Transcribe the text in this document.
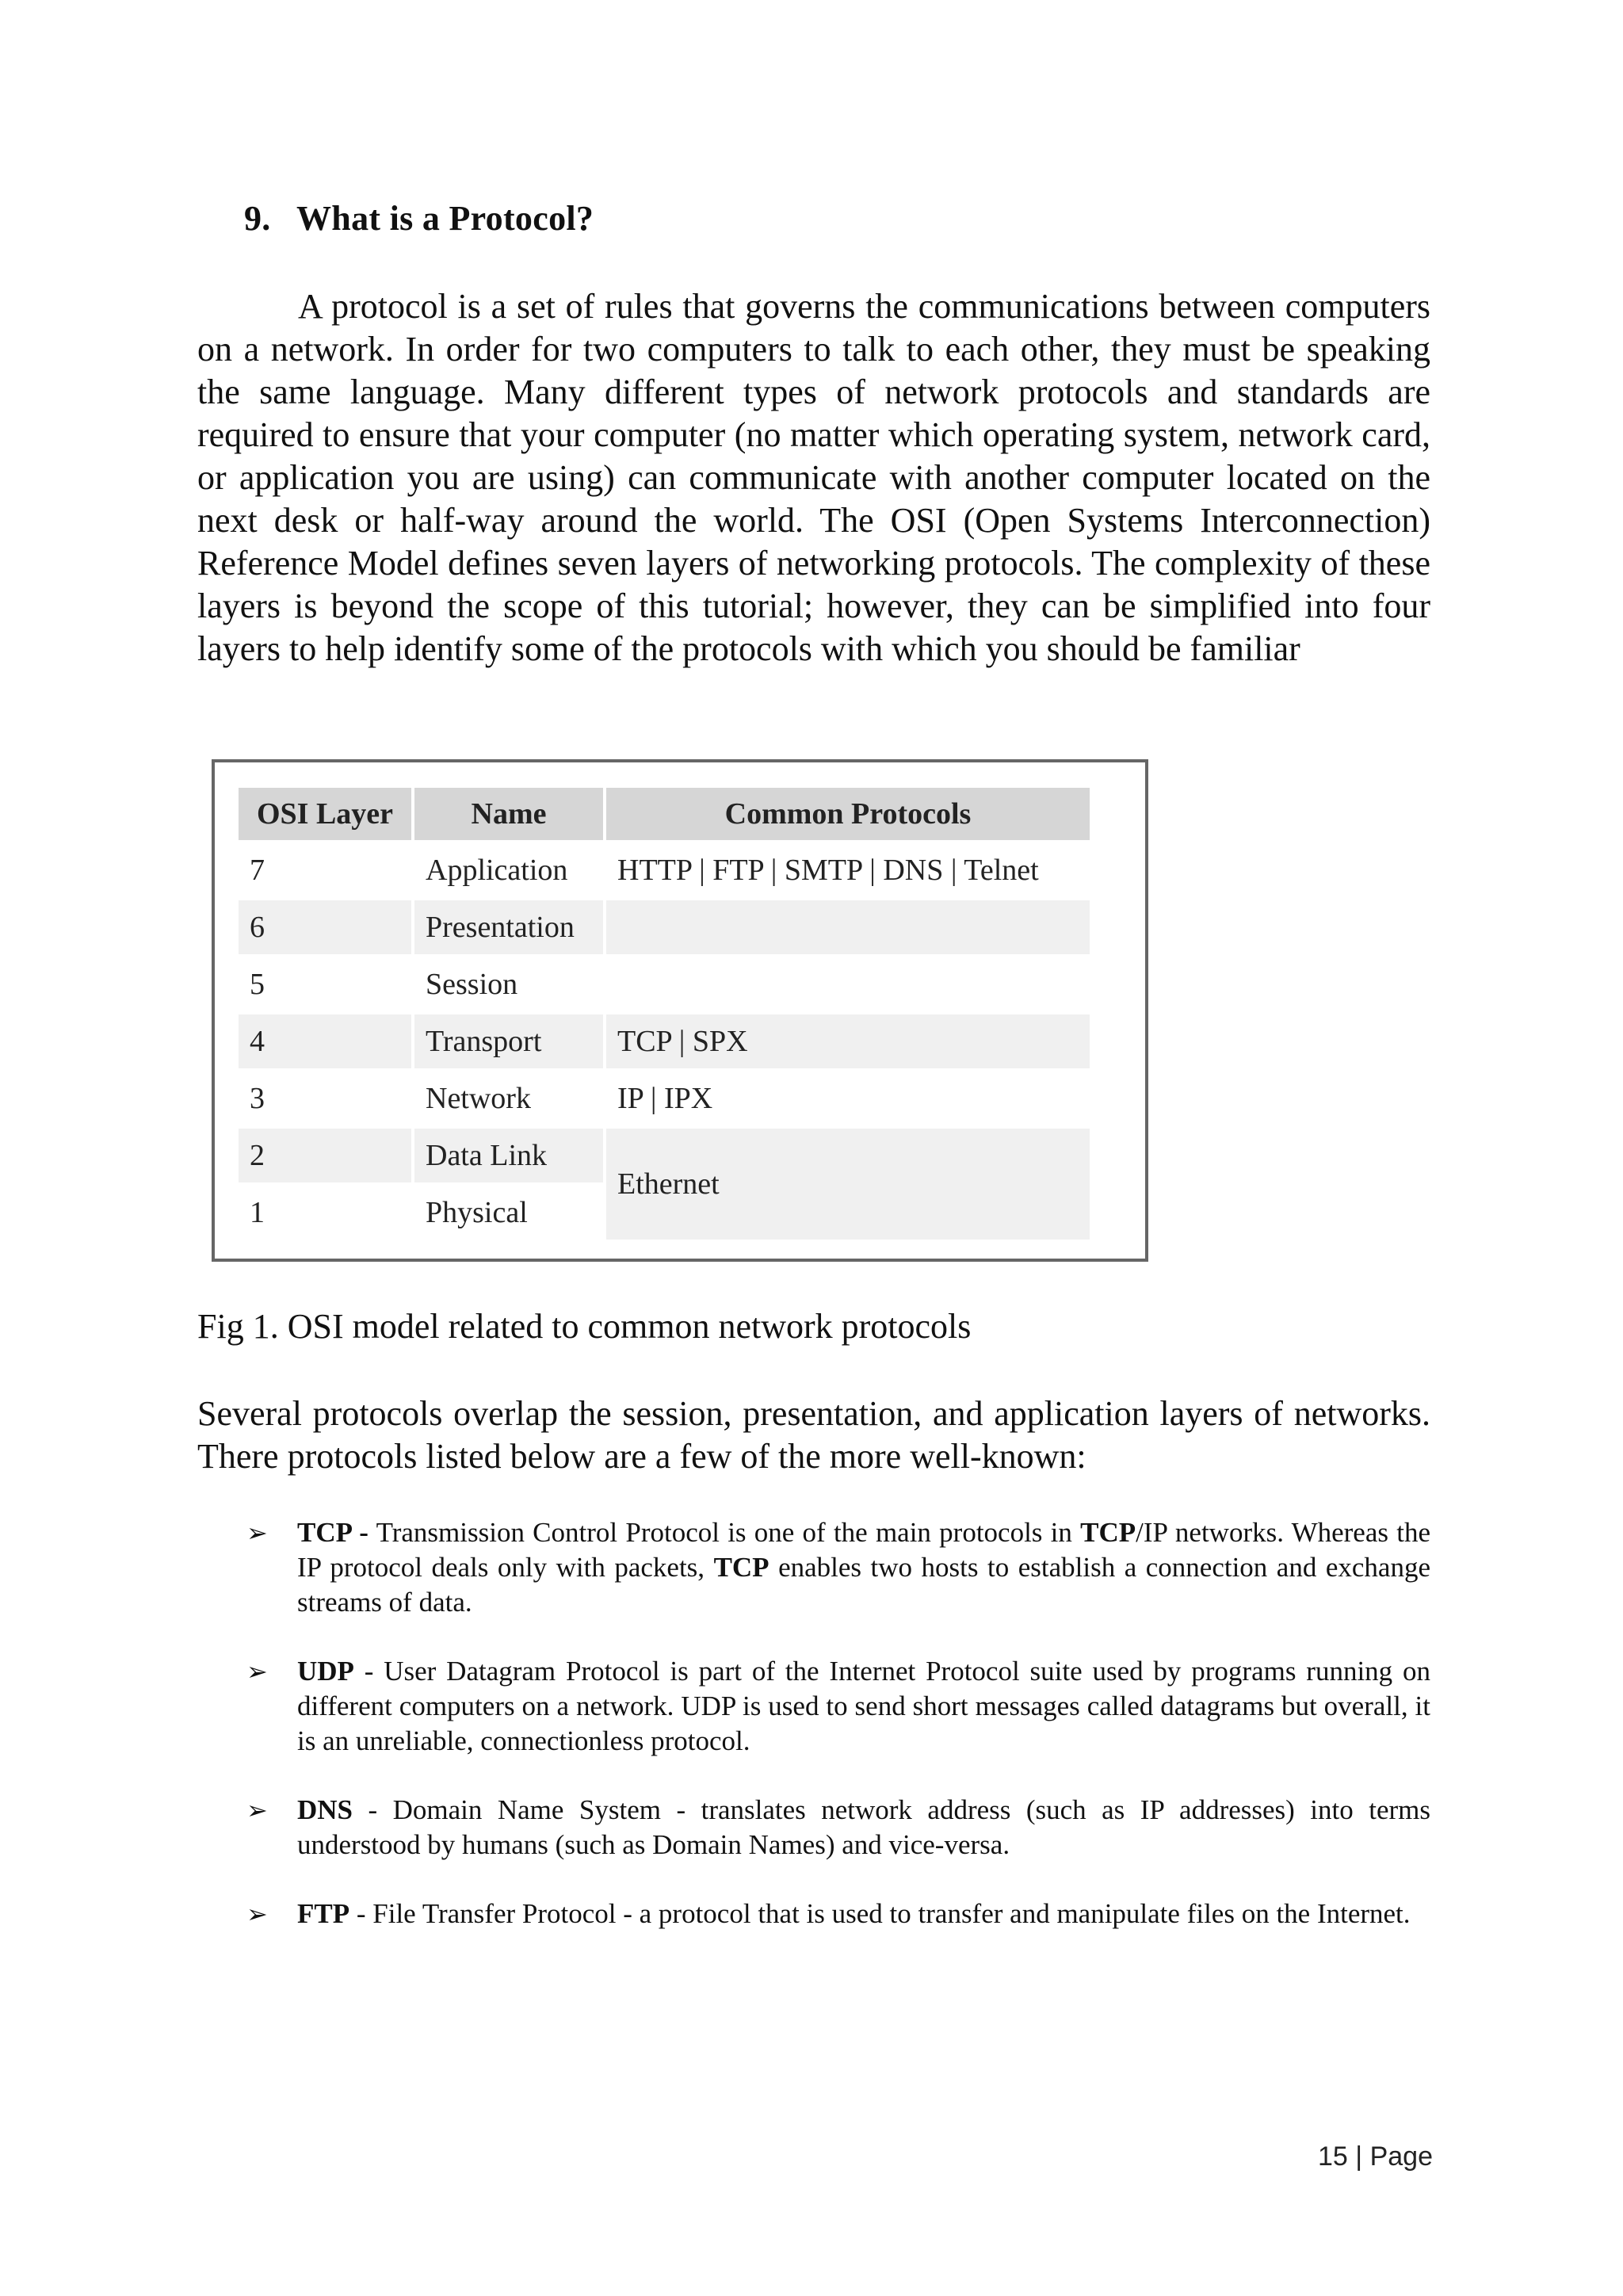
9. What is a Protocol?

A protocol is a set of rules that governs the communications between computers on a network. In order for two computers to talk to each other, they must be speaking the same language. Many different types of network protocols and standards are required to ensure that your computer (no matter which operating system, network card, or application you are using) can communicate with another computer located on the next desk or half-way around the world. The OSI (Open Systems Interconnection) Reference Model defines seven layers of networking protocols. The complexity of these layers is beyond the scope of this tutorial; however, they can be simplified into four layers to help identify some of the protocols with which you should be familiar

OSI Layer	Name	Common Protocols
7	Application	HTTP | FTP | SMTP | DNS | Telnet
6	Presentation	
5	Session	
4	Transport	TCP | SPX
3	Network	IP | IPX
2	Data Link	Ethernet
1	Physical	
Fig 1. OSI model related to common network protocols

Several protocols overlap the session, presentation, and application layers of networks. There protocols listed below are a few of the more well-known:

➢ TCP - Transmission Control Protocol is one of the main protocols in TCP/IP networks. Whereas the IP protocol deals only with packets, TCP enables two hosts to establish a connection and exchange streams of data.
➢ UDP - User Datagram Protocol is part of the Internet Protocol suite used by programs running on different computers on a network. UDP is used to send short messages called datagrams but overall, it is an unreliable, connectionless protocol.
➢ DNS - Domain Name System - translates network address (such as IP addresses) into terms understood by humans (such as Domain Names) and vice-versa.
➢ FTP - File Transfer Protocol - a protocol that is used to transfer and manipulate files on the Internet.
15 | Page
